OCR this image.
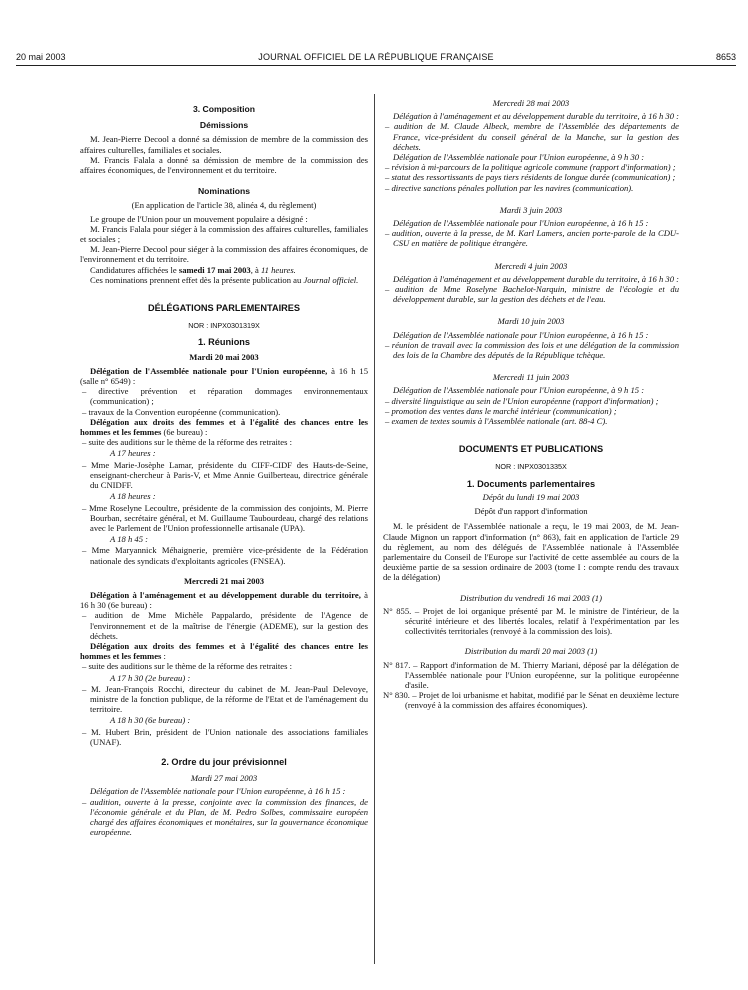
20 mai 2003	JOURNAL OFFICIEL DE LA RÉPUBLIQUE FRANÇAISE	8653
3. Composition
Démissions

M. Jean-Pierre Decool a donné sa démission de membre de la commission des affaires culturelles, familiales et sociales.

M. Francis Falala a donné sa démission de membre de la commission des affaires économiques, de l'environnement et du territoire.

Nominations
(En application de l'article 38, alinéa 4, du règlement)

Le groupe de l'Union pour un mouvement populaire a désigné :

M. Francis Falala pour siéger à la commission des affaires culturelles, familiales et sociales ;

M. Jean-Pierre Decool pour siéger à la commission des affaires économiques, de l'environnement et du territoire.

Candidatures affichées le samedi 17 mai 2003, à 11 heures.

Ces nominations prennent effet dès la présente publication au Journal officiel.

DÉLÉGATIONS PARLEMENTAIRES
NOR : INPX0301319X
1. Réunions
Mardi 20 mai 2003

Délégation de l'Assemblée nationale pour l'Union européenne, à 16 h 15 (salle n° 6549) :

– directive prévention et réparation dommages environnementaux (communication) ;
– travaux de la Convention européenne (communication).

Délégation aux droits des femmes et à l'égalité des chances entre les hommes et les femmes (6e bureau) :

– suite des auditions sur le thème de la réforme des retraites :
A 17 heures :
– Mme Marie-Josèphe Lamar, présidente du CIFF-CIDF des Hauts-de-Seine, enseignant-chercheur à Paris-V, et Mme Annie Guilberteau, directrice générale du CNIDFF.
A 18 heures :
– Mme Roselyne Lecoultre, présidente de la commission des conjoints, M. Pierre Bourban, secrétaire général, et M. Guillaume Taubourdeau, chargé des relations avec le Parlement de l'Union professionnelle artisanale (UPA).
A 18 h 45 :
– Mme Maryannick Méhaignerie, première vice-présidente de la Fédération nationale des syndicats d'exploitants agricoles (FNSEA).
Mercredi 21 mai 2003

Délégation à l'aménagement et au développement durable du territoire, à 16 h 30 (6e bureau) :

– audition de Mme Michèle Pappalardo, présidente de l'Agence de l'environnement et de la maîtrise de l'énergie (ADEME), sur la gestion des déchets.

Délégation aux droits des femmes et à l'égalité des chances entre les hommes et les femmes :

– suite des auditions sur le thème de la réforme des retraites :
A 17 h 30 (2e bureau) :
– M. Jean-François Rocchi, directeur du cabinet de M. Jean-Paul Delevoye, ministre de la fonction publique, de la réforme de l'Etat et de l'aménagement du territoire.
A 18 h 30 (6e bureau) :
– M. Hubert Brin, président de l'Union nationale des associations familiales (UNAF).
2. Ordre du jour prévisionnel
Mardi 27 mai 2003

Délégation de l'Assemblée nationale pour l'Union européenne, à 16 h 15 :

– audition, ouverte à la presse, conjointe avec la commission des finances, de l'économie générale et du Plan, de M. Pedro Solbes, commissaire européen chargé des affaires économiques et monétaires, sur la gouvernance économique européenne.
Mercredi 28 mai 2003

Délégation à l'aménagement et au développement durable du territoire, à 16 h 30 :

– audition de M. Claude Albeck, membre de l'Assemblée des départements de France, vice-président du conseil général de la Manche, sur la gestion des déchets.

Délégation de l'Assemblée nationale pour l'Union européenne, à 9 h 30 :

– révision à mi-parcours de la politique agricole commune (rapport d'information) ;
– statut des ressortissants de pays tiers résidents de longue durée (communication) ;
– directive sanctions pénales pollution par les navires (communication).
Mardi 3 juin 2003

Délégation de l'Assemblée nationale pour l'Union européenne, à 16 h 15 :

– audition, ouverte à la presse, de M. Karl Lamers, ancien porte-parole de la CDU-CSU en matière de politique étrangère.
Mercredi 4 juin 2003

Délégation à l'aménagement et au développement durable du territoire, à 16 h 30 :

– audition de Mme Roselyne Bachelot-Narquin, ministre de l'écologie et du développement durable, sur la gestion des déchets et de l'eau.
Mardi 10 juin 2003

Délégation de l'Assemblée nationale pour l'Union européenne, à 16 h 15 :

– réunion de travail avec la commission des lois et une délégation de la commission des lois de la Chambre des députés de la République tchèque.
Mercredi 11 juin 2003

Délégation de l'Assemblée nationale pour l'Union européenne, à 9 h 15 :

– diversité linguistique au sein de l'Union européenne (rapport d'information) ;
– promotion des ventes dans le marché intérieur (communication) ;
– examen de textes soumis à l'Assemblée nationale (art. 88-4 C).
DOCUMENTS ET PUBLICATIONS
NOR : INPX0301335X
1. Documents parlementaires
Dépôt du lundi 19 mai 2003
Dépôt d'un rapport d'information

M. le président de l'Assemblée nationale a reçu, le 19 mai 2003, de M. Jean-Claude Mignon un rapport d'information (n° 863), fait en application de l'article 29 du règlement, au nom des délégués de l'Assemblée nationale à l'Assemblée parlementaire du Conseil de l'Europe sur l'activité de cette assemblée au cours de la deuxième partie de sa session ordinaire de 2003 (tome I : compte rendu des travaux de la délégation)

Distribution du vendredi 16 mai 2003 (1)
N° 855. – Projet de loi organique présenté par M. le ministre de l'intérieur, de la sécurité intérieure et des libertés locales, relatif à l'expérimentation par les collectivités territoriales (renvoyé à la commission des lois).
Distribution du mardi 20 mai 2003 (1)
N° 817. – Rapport d'information de M. Thierry Mariani, déposé par la délégation de l'Assemblée nationale pour l'Union européenne, sur la politique européenne d'asile.
N° 830. – Projet de loi urbanisme et habitat, modifié par le Sénat en deuxième lecture (renvoyé à la commission des affaires économiques).
